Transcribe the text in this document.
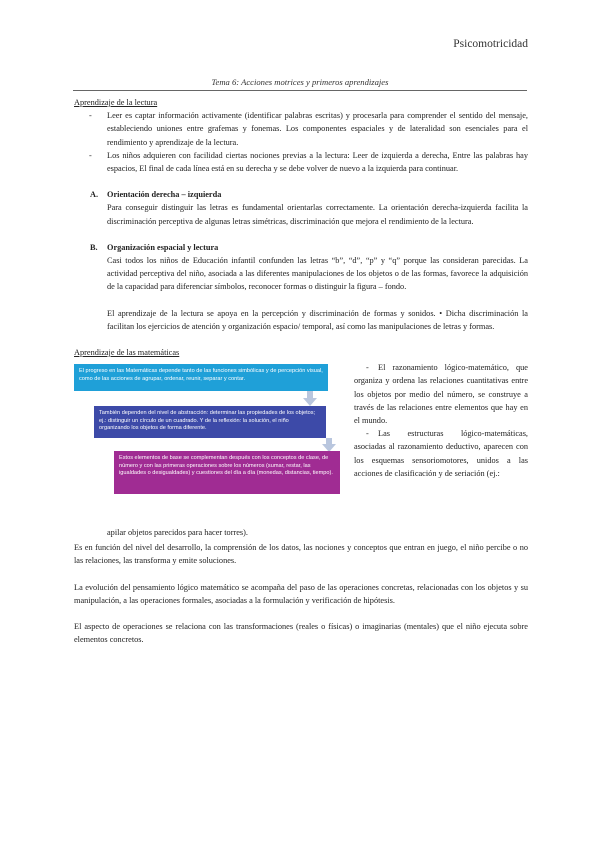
Psicomotricidad
Tema 6: Acciones motrices y primeros aprendizajes
Aprendizaje de la lectura
- Leer es captar información activamente (identificar palabras escritas) y procesarla para comprender el sentido del mensaje, estableciendo uniones entre grafemas y fonemas. Los componentes espaciales y de lateralidad son esenciales para el rendimiento y aprendizaje de la lectura.
- Los niños adquieren con facilidad ciertas nociones previas a la lectura: Leer de izquierda a derecha, Entre las palabras hay espacios, El final de cada línea está en su derecha y se debe volver de nuevo a la izquierda para continuar.
A. Orientación derecha – izquierda
Para conseguir distinguir las letras es fundamental orientarlas correctamente. La orientación derecha-izquierda facilita la discriminación perceptiva de algunas letras simétricas, discriminación que mejora el rendimiento de la lectura.
B. Organización espacial y lectura
Casi todos los niños de Educación infantil confunden las letras “b”, “d”, “p” y “q” porque las consideran parecidas. La actividad perceptiva del niño, asociada a las diferentes manipulaciones de los objetos o de las formas, favorece la adquisición de la capacidad para diferenciar símbolos, reconocer formas o distinguir la figura – fondo.
El aprendizaje de la lectura se apoya en la percepción y discriminación de formas y sonidos. • Dicha discriminación la facilitan los ejercicios de atención y organización espacio/ temporal, así como las manipulaciones de letras y formas.
Aprendizaje de las matemáticas
El progreso en las Matemáticas depende tanto de las funciones simbólicas y de percepción visual, como de las acciones de agrupar, ordenar, reunir, separar y contar.
También dependen del nivel de abstracción: determinar las propiedades de los objetos; ej.: distinguir un círculo de un cuadrado. Y de la reflexión: la solución, el niño organizando los objetos de forma diferente.
Estos elementos de base se complementan después con los conceptos de clase, de número y con las primeras operaciones sobre los números (sumar, restar, las igualdades o desigualdades) y cuestiones del día a día (monedas, distancias, tiempo).

- El razonamiento lógico-matemático, que organiza y ordena las relaciones cuantitativas entre los objetos por medio del número, se construye a través de las relaciones entre elementos que hay en el mundo.

- Las estructuras lógico-matemáticas, asociadas al razonamiento deductivo, aparecen con los esquemas sensoriomotores, unidos a las acciones de clasificación y de seriación (ej.:

apilar objetos parecidos para hacer torres).

Es en función del nivel del desarrollo, la comprensión de los datos, las nociones y conceptos que entran en juego, el niño percibe o no las relaciones, las transforma y emite soluciones.

La evolución del pensamiento lógico matemático se acompaña del paso de las operaciones concretas, relacionadas con los objetos y su manipulación, a las operaciones formales, asociadas a la formulación y verificación de hipótesis.

El aspecto de operaciones se relaciona con las transformaciones (reales o físicas) o imaginarias (mentales) que el niño ejecuta sobre elementos concretos.
